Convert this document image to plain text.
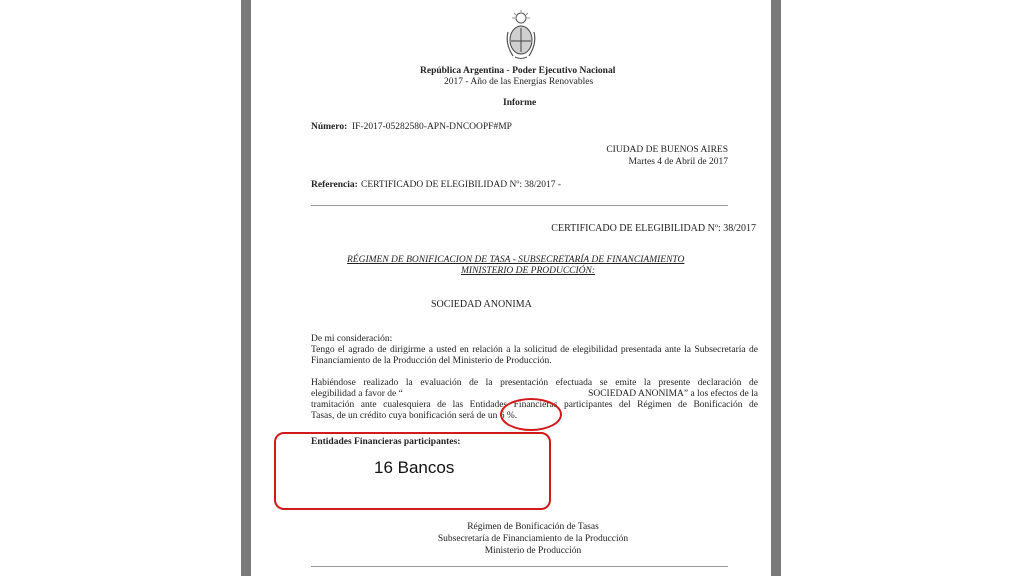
República Argentina - Poder Ejecutivo Nacional
2017 - Año de las Energías Renovables
Informe
Número: IF-2017-05282580-APN-DNCOOPF#MP
CIUDAD DE BUENOS AIRES
Martes 4 de Abril de 2017
Referencia: CERTIFICADO DE ELEGIBILIDAD Nº: 38/2017 -
CERTIFICADO DE ELEGIBILIDAD Nº: 38/2017
RÉGIMEN DE BONIFICACION DE TASA - SUBSECRETARÍA DE FINANCIAMIENTO
MINISTERIO DE PRODUCCIÓN:
SOCIEDAD ANONIMA
De mi consideración:
Tengo el agrado de dirigirme a usted en relación a la solicitud de elegibilidad presentada ante la Subsecretaría de Financiamiento de la Producción del Ministerio de Producción.
Habiéndose realizado la evaluación de la presentación efectuada se emite la presente declaración de
elegibilidad a favor de “	SOCIEDAD ANONIMA” a los efectos de la
tramitación ante cualesquiera de las Entidades Financieras participantes del Régimen de Bonificación de
Tasas, de un crédito cuya bonificación será de un 6 %.
Entidades Financieras participantes:
16 Bancos
Régimen de Bonificación de Tasas
Subsecretaría de Financiamiento de la Producción
Ministerio de Producción
